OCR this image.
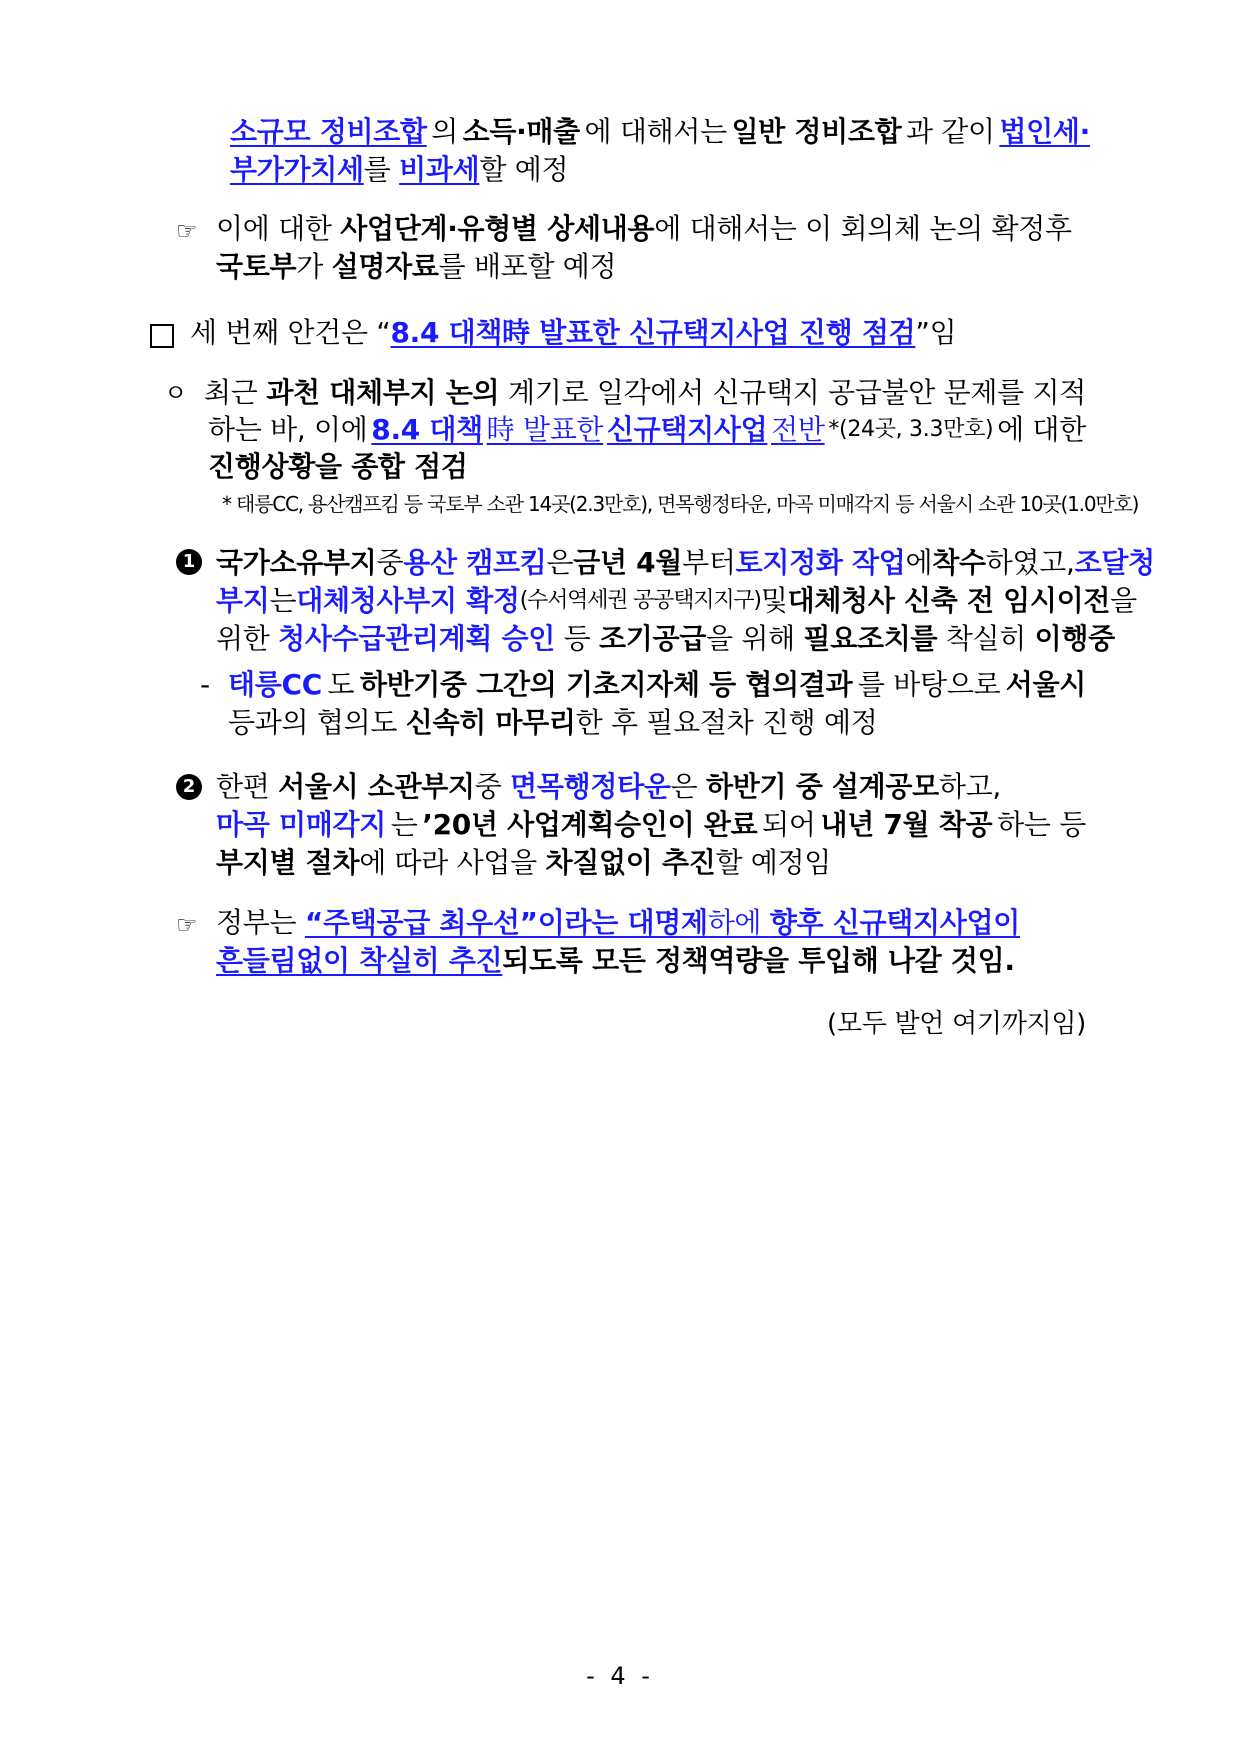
소규모 정비조합 의 소득·매출 에 대해서는 일반 정비조합 과 같이 법인세·
부가가치세를 비과세할 예정
☞ 이에 대한 사업단계·유형별 상세내용에 대해서는 이 회의체 논의 확정후
국토부가 설명자료를 배포할 예정
세 번째 안건은 “8.4 대책時 발표한 신규택지사업 진행 점검”임
ㅇ 최근 과천 대체부지 논의 계기로 일각에서 신규택지 공급불안 문제를 지적
하는 바, 이에 8.4 대책 時 발표한 신규택지사업 전반 *(24곳, 3.3만호) 에 대한
진행상황을 종합 점검
* 태릉CC, 용산캠프킴 등 국토부 소관 14곳(2.3만호), 면목행정타운, 마곡 미매각지 등 서울시 소관 10곳(1.0만호)
1 국가소유부지 중 용산 캠프킴 은 금년 4월 부터 토지정화 작업 에 착수 하였고, 조달청
부지 는 대체청사부지 확정 (수서역세권 공공택지지구) 및 대체청사 신축 전 임시이전 을
위한 청사수급관리계획 승인 등 조기공급을 위해 필요조치를 착실히 이행중
- 태릉CC 도 하반기중 그간의 기초지자체 등 협의결과 를 바탕으로 서울시
등과의 협의도 신속히 마무리한 후 필요절차 진행 예정
2 한편 서울시 소관부지중 면목행정타운은 하반기 중 설계공모하고,
마곡 미매각지 는 ’20년 사업계획승인이 완료 되어 내년 7월 착공 하는 등
부지별 절차에 따라 사업을 차질없이 추진할 예정임
☞ 정부는 “주택공급 최우선”이라는 대명제하에 향후 신규택지사업이
흔들림없이 착실히 추진되도록 모든 정책역량을 투입해 나갈 것임.
(모두 발언 여기까지임)
- 4 -
